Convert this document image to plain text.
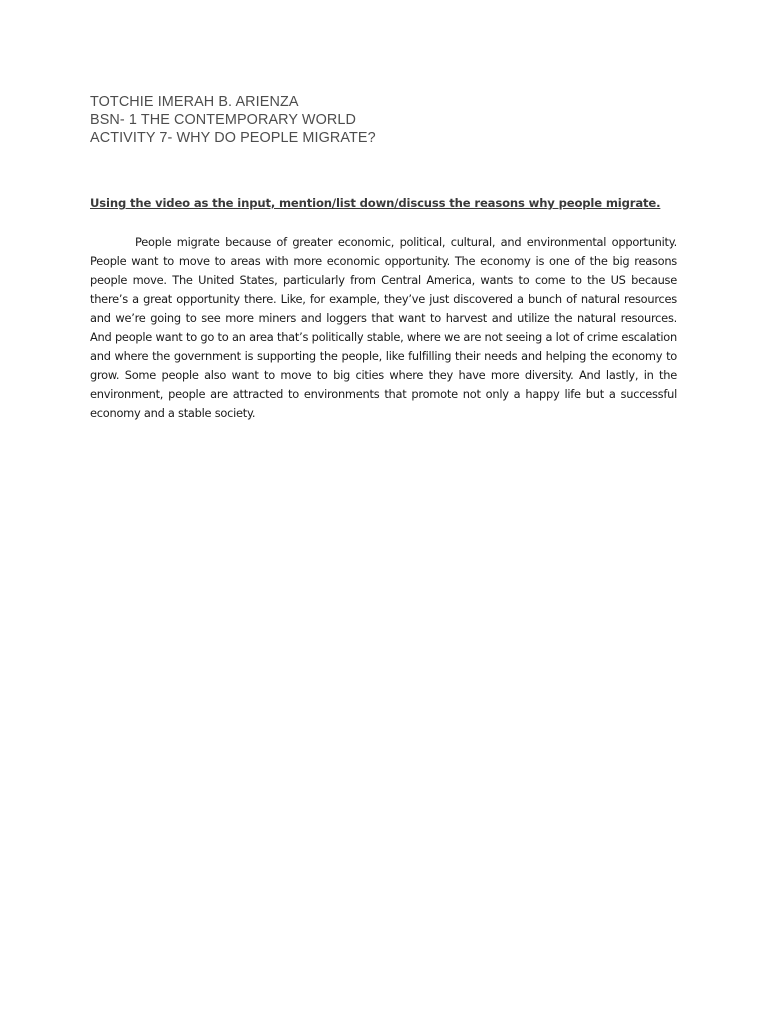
TOTCHIE IMERAH B. ARIENZA
BSN- 1 THE CONTEMPORARY WORLD
ACTIVITY 7- WHY DO PEOPLE MIGRATE?
Using the video as the input, mention/list down/discuss the reasons why people migrate.

People migrate because of greater economic, political, cultural, and environmental opportunity. People want to move to areas with more economic opportunity. The economy is one of the big reasons people move. The United States, particularly from Central America, wants to come to the US because there’s a great opportunity there. Like, for example, they’ve just discovered a bunch of natural resources and we’re going to see more miners and loggers that want to harvest and utilize the natural resources. And people want to go to an area that’s politically stable, where we are not seeing a lot of crime escalation and where the government is supporting the people, like fulfilling their needs and helping the economy to grow. Some people also want to move to big cities where they have more diversity. And lastly, in the environment, people are attracted to environments that promote not only a happy life but a successful economy and a stable society.
